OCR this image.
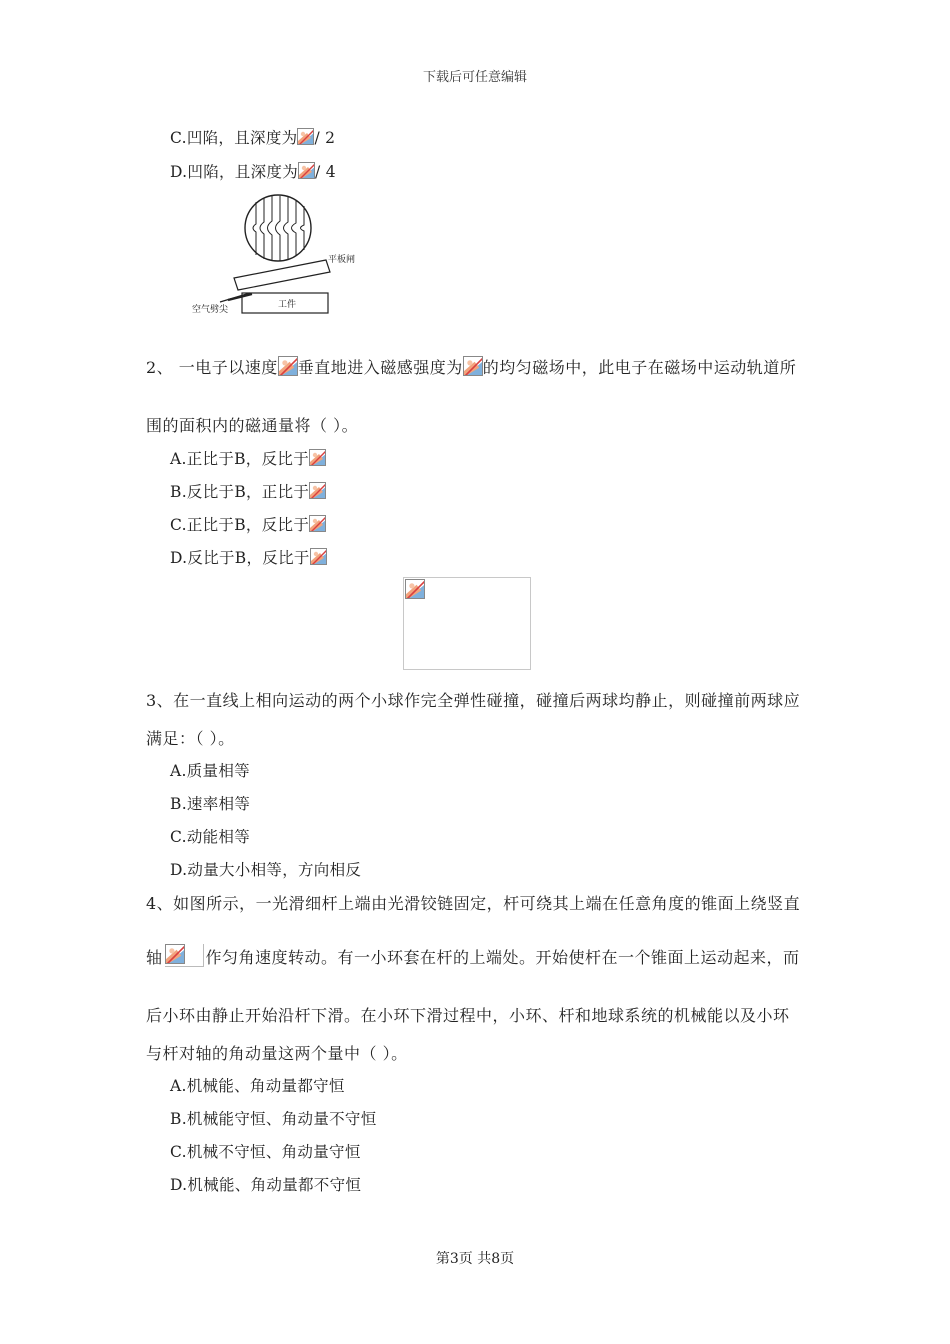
下载后可任意编辑
C.凹陷，且深度为 / 2
D.凹陷，且深度为 / 4
平板闸
工件
空气劈尖
2、 一电子以速度 垂直地进入磁感强度为 的均匀磁场中，此电子在磁场中运动轨道所
围的面积内的磁通量将（ ）。
A.正比于B，反比于
B.反比于B，正比于
C.正比于B，反比于
D.反比于B，反比于
3、在一直线上相向运动的两个小球作完全弹性碰撞，碰撞后两球均静止，则碰撞前两球应
满足：（ ）。
A.质量相等
B.速率相等
C.动能相等
D.动量大小相等，方向相反
4、如图所示，一光滑细杆上端由光滑铰链固定，杆可绕其上端在任意角度的锥面上绕竖直
轴	作匀角速度转动。有一小环套在杆的上端处。开始使杆在一个锥面上运动起来，而
后小环由静止开始沿杆下滑。在小环下滑过程中，小环、杆和地球系统的机械能以及小环
与杆对轴的角动量这两个量中（ ）。
A.机械能、角动量都守恒
B.机械能守恒、角动量不守恒
C.机械不守恒、角动量守恒
D.机械能、角动量都不守恒
第3页 共8页
